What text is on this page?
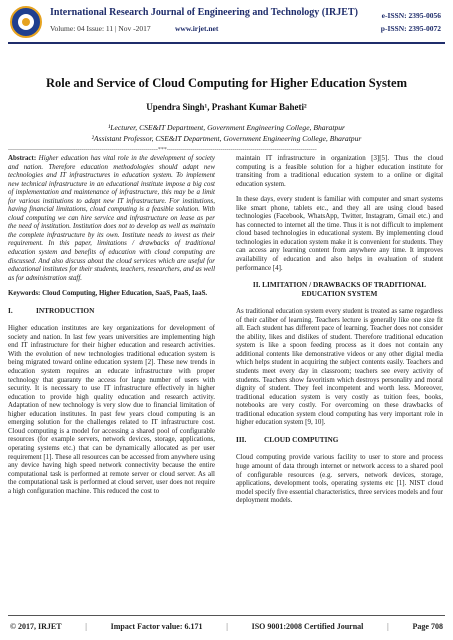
International Research Journal of Engineering and Technology (IRJET)
Volume: 04 Issue: 11 | Nov -2017	www.irjet.net
e-ISSN: 2395-0056
p-ISSN: 2395-0072
Role and Service of Cloud Computing for Higher Education System
Upendra Singh¹, Prashant Kumar Baheti²
¹Lecturer, CSE&IT Department, Government Engineering College, Bharatpur
²Assistant Professor, CSE&IT Department, Government Engineering College, Bharatpur
---------------------------------------------------------------------------***---------------------------------------------------------------------------

Abstract: Higher education has vital role in the development of society and nation. Therefore education methodologies should adapt new technologies and IT infrastructures in education system. To implement new technical infrastructure in an educational institute impose a big cost of implementation and maintenance of infrastructure, this may be a limit for various institutions to adapt new IT infrastructure. For institutions, having financial limitations, cloud computing is a feasible solution. With cloud computing we can hire service and infrastructure on lease as per the need of institution. Institution does not to develop as well as maintain the complete infrastructure by its own. Institute needs to invest as their requirement. In this paper, limitations / drawbacks of traditional education system and benefits of education with cloud computing are discussed. And also discuss about the cloud services which are useful for educational institutes for their students, teachers, researchers, and as well as for administration staff.

Keywords: Cloud Computing, Higher Education, SaaS, PaaS, IaaS.

I.	INTRODUCTION

Higher education institutes are key organizations for development of society and nation. In last few years universities are implementing high end IT infrastructure for their higher education and research activities. With the evolution of new technologies traditional education system is being migrated toward online education system [2]. These new trends in education system requires an educate infrastructure with proper technology that guaranty the access for large number of users with security. It is necessary to use IT infrastructure effectively in higher education to provide high quality education and research activity. Adaptation of new technology is very slow due to financial limitation of higher education institutes. In past few years cloud computing is an emerging solution for the challenges related to IT infrastructure cost. Cloud computing is a model for accessing a shared pool of configurable resources (for example servers, network devices, storage, applications, operating systems etc.) that can be dynamically allocated as per user requirement [1]. These all resources can be accessed from anywhere using any device having high speed network connectivity because the entire computational task is performed at remote server or cloud server. As all the computational task is performed at cloud server, user does not require a high configuration machine. This reduced the cost to

maintain IT infrastructure in organization [3][5]. Thus the cloud computing is a feasible solution for a higher education institute for transiting from a traditional education system to a online or digital education system.

In these days, every student is familiar with computer and smart systems like smart phone, tablets etc., and they all are using cloud based technologies (Facebook, WhatsApp, Twitter, Instagram, Gmail etc.) and has connected to internet all the time. Thus it is not difficult to implement cloud based technologies in educational system. By implementing cloud technologies in education system make it is convenient for students. They can access any learning content from anywhere any time. It improves availability of education and also helps in evaluation of student performance [4].

II. LIMITATION / DRAWBACKS OF TRADITIONAL EDUCATION SYSTEM

As traditional education system every student is treated as same regardless of their caliber of learning. Teachers lecture is generally like one size fit all. Each student has different pace of learning. Teacher does not consider the ability, likes and dislikes of student. Therefore traditional education system is like a spoon feeding process as it does not contain any additional contents like demonstrative videos or any other digital media which helps student in acquiring the subject contents easily. Teachers and students meet every day in classroom; teachers see every activity of students. Teachers show favoritism which destroys personality and moral dignity of student. They feel incompetent and worth less. Moreover, traditional education system is very costly as tuition fees, books, notebooks are very costly. For overcoming on these drawbacks of traditional education system cloud computing has very important role in higher education system [9, 10].

III. CLOUD COMPUTING

Cloud computing provide various facility to user to store and process huge amount of data through internet or network access to a shared pool of configurable resources (e.g. servers, network devices, storage, applications, development tools, operating systems etc [1]. NIST cloud model specify five essential characteristics, three services models and four deployment models.

© 2017, IRJET	|	Impact Factor value: 6.171	|	ISO 9001:2008 Certified Journal	|	Page 708
